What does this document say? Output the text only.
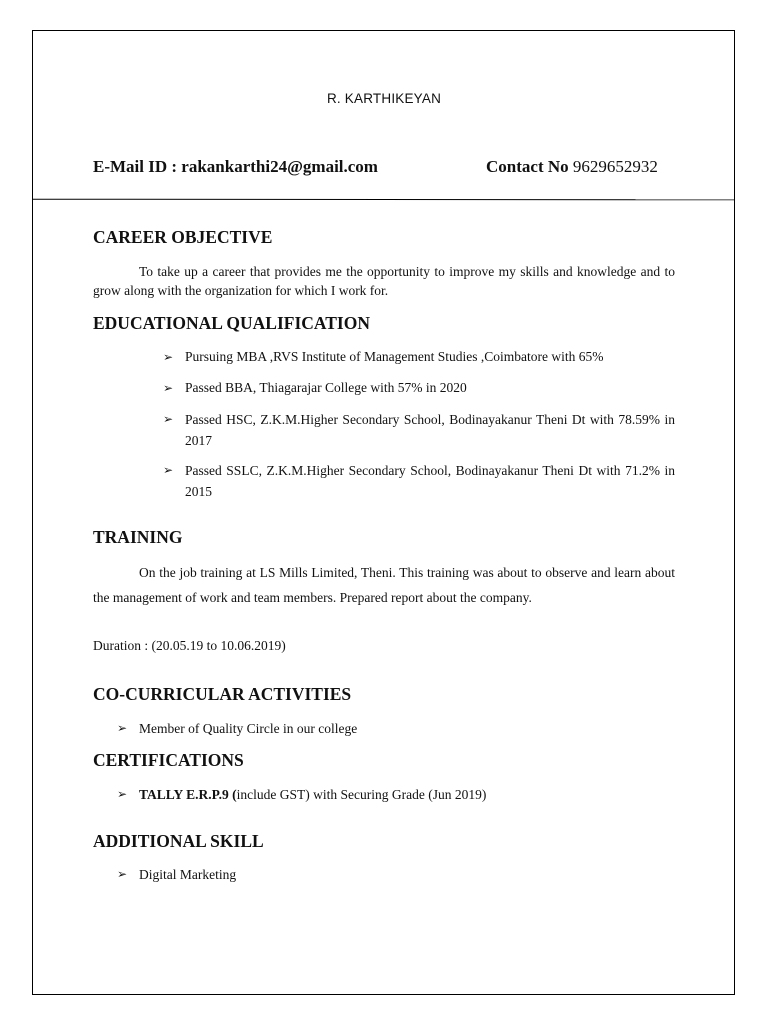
R. KARTHIKEYAN
E-Mail ID : rakankarthi24@gmail.com	Contact No 9629652932
CAREER OBJECTIVE
To take up a career that provides me the opportunity to improve my skills and knowledge and to grow along with the organization for which I work for.
EDUCATIONAL QUALIFICATION
➢ Pursuing MBA ,RVS Institute of Management Studies ,Coimbatore with 65%
➢ Passed BBA, Thiagarajar College with 57% in 2020
➢ Passed HSC, Z.K.M.Higher Secondary School, Bodinayakanur Theni Dt with 78.59% in 2017
➢ Passed SSLC, Z.K.M.Higher Secondary School, Bodinayakanur Theni Dt with 71.2% in 2015
TRAINING
On the job training at LS Mills Limited, Theni. This training was about to observe and learn about the management of work and team members. Prepared report about the company.
Duration : (20.05.19 to 10.06.2019)
CO-CURRICULAR ACTIVITIES
➢ Member of Quality Circle in our college
CERTIFICATIONS
➢ TALLY E.R.P.9 (include GST) with Securing Grade (Jun 2019)
ADDITIONAL SKILL
➢ Digital Marketing
